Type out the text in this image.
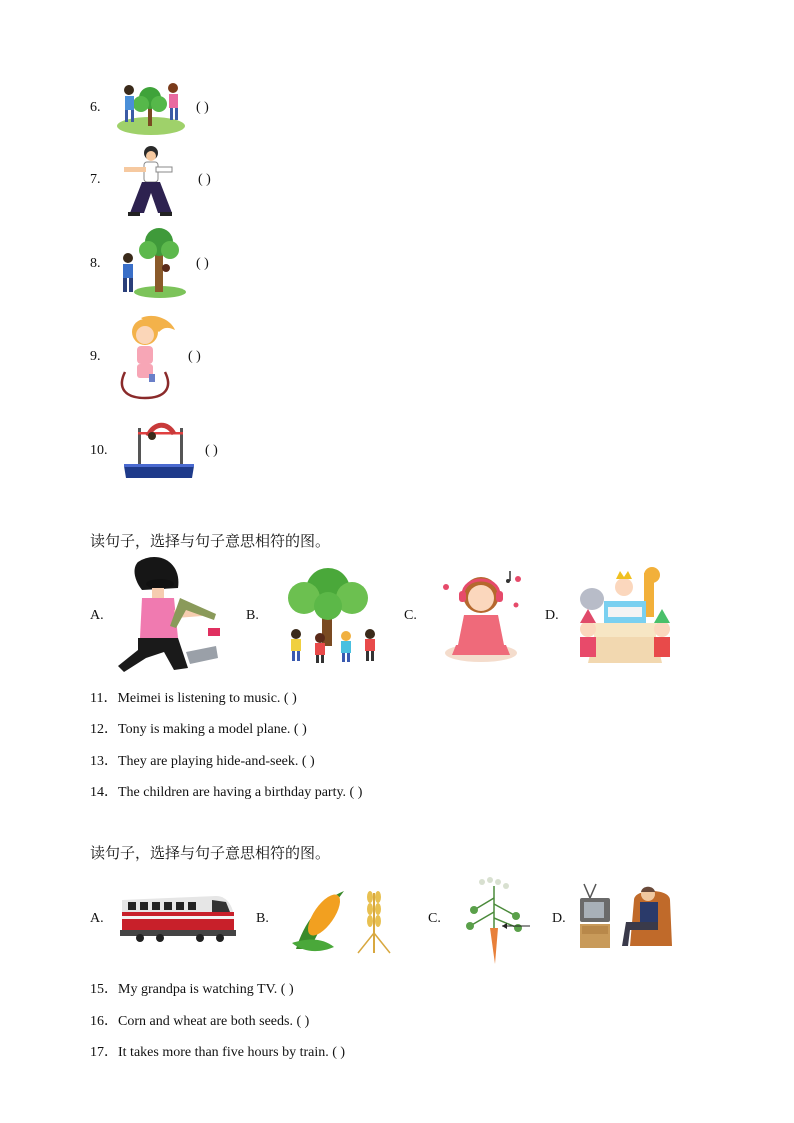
6.	( )
7.	( )
8.	( )
9.	( )
10.	( )
读句子，选择与句子意思相符的图。
A.	B.	C.	D.
11．Meimei is listening to music. ( )
12．Tony is making a model plane. ( )
13．They are playing hide-and-seek. ( )
14．The children are having a birthday party. ( )
读句子，选择与句子意思相符的图。
A.	B.	C.	D.
15．My grandpa is watching TV. ( )
16．Corn and wheat are both seeds. ( )
17．It takes more than five hours by train. ( )
